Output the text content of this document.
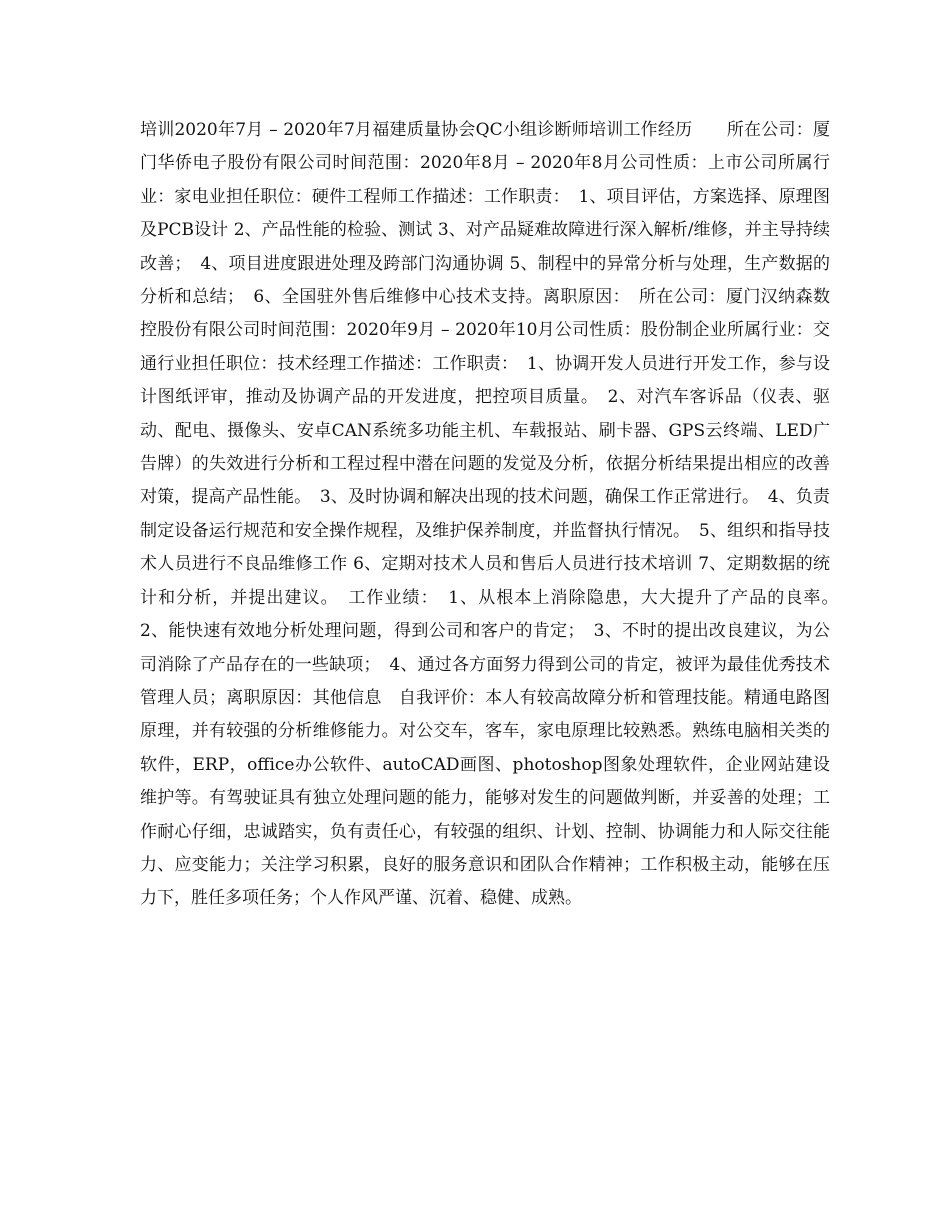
培训2020年7月 – 2020年7月福建质量协会QC小组诊断师培训工作经历　　所在公司：厦门华侨电子股份有限公司时间范围：2020年8月 – 2020年8月公司性质：上市公司所属行业：家电业担任职位：硬件工程师工作描述：工作职责：　1、项目评估，方案选择、原理图及PCB设计 2、产品性能的检验、测试 3、对产品疑难故障进行深入解析/维修，并主导持续改善；　4、项目进度跟进处理及跨部门沟通协调 5、制程中的异常分析与处理，生产数据的分析和总结；　6、全国驻外售后维修中心技术支持。离职原因：　所在公司：厦门汉纳森数控股份有限公司时间范围：2020年9月 – 2020年10月公司性质：股份制企业所属行业：交通行业担任职位：技术经理工作描述：工作职责：　1、协调开发人员进行开发工作，参与设计图纸评审，推动及协调产品的开发进度，把控项目质量。　2、对汽车客诉品（仪表、驱动、配电、摄像头、安卓CAN系统多功能主机、车载报站、刷卡器、GPS云终端、LED广告牌）的失效进行分析和工程过程中潜在问题的发觉及分析，依据分析结果提出相应的改善对策，提高产品性能。　3、及时协调和解决出现的技术问题，确保工作正常进行。　4、负责制定设备运行规范和安全操作规程，及维护保养制度，并监督执行情况。　5、组织和指导技术人员进行不良品维修工作 6、定期对技术人员和售后人员进行技术培训 7、定期数据的统计和分析，并提出建议。　工作业绩：　1、从根本上消除隐患，大大提升了产品的良率。　2、能快速有效地分析处理问题，得到公司和客户的肯定；　3、不时的提出改良建议，为公司消除了产品存在的一些缺项；　4、通过各方面努力得到公司的肯定，被评为最佳优秀技术管理人员；离职原因：其他信息　自我评价：本人有较高故障分析和管理技能。精通电路图原理，并有较强的分析维修能力。对公交车，客车，家电原理比较熟悉。熟练电脑相关类的软件，ERP，office办公软件、autoCAD画图、photoshop图象处理软件，企业网站建设维护等。有驾驶证具有独立处理问题的能力，能够对发生的问题做判断，并妥善的处理；工作耐心仔细，忠诚踏实，负有责任心，有较强的组织、计划、控制、协调能力和人际交往能力、应变能力；关注学习积累，良好的服务意识和团队合作精神；工作积极主动，能够在压力下，胜任多项任务；个人作风严谨、沉着、稳健、成熟。
